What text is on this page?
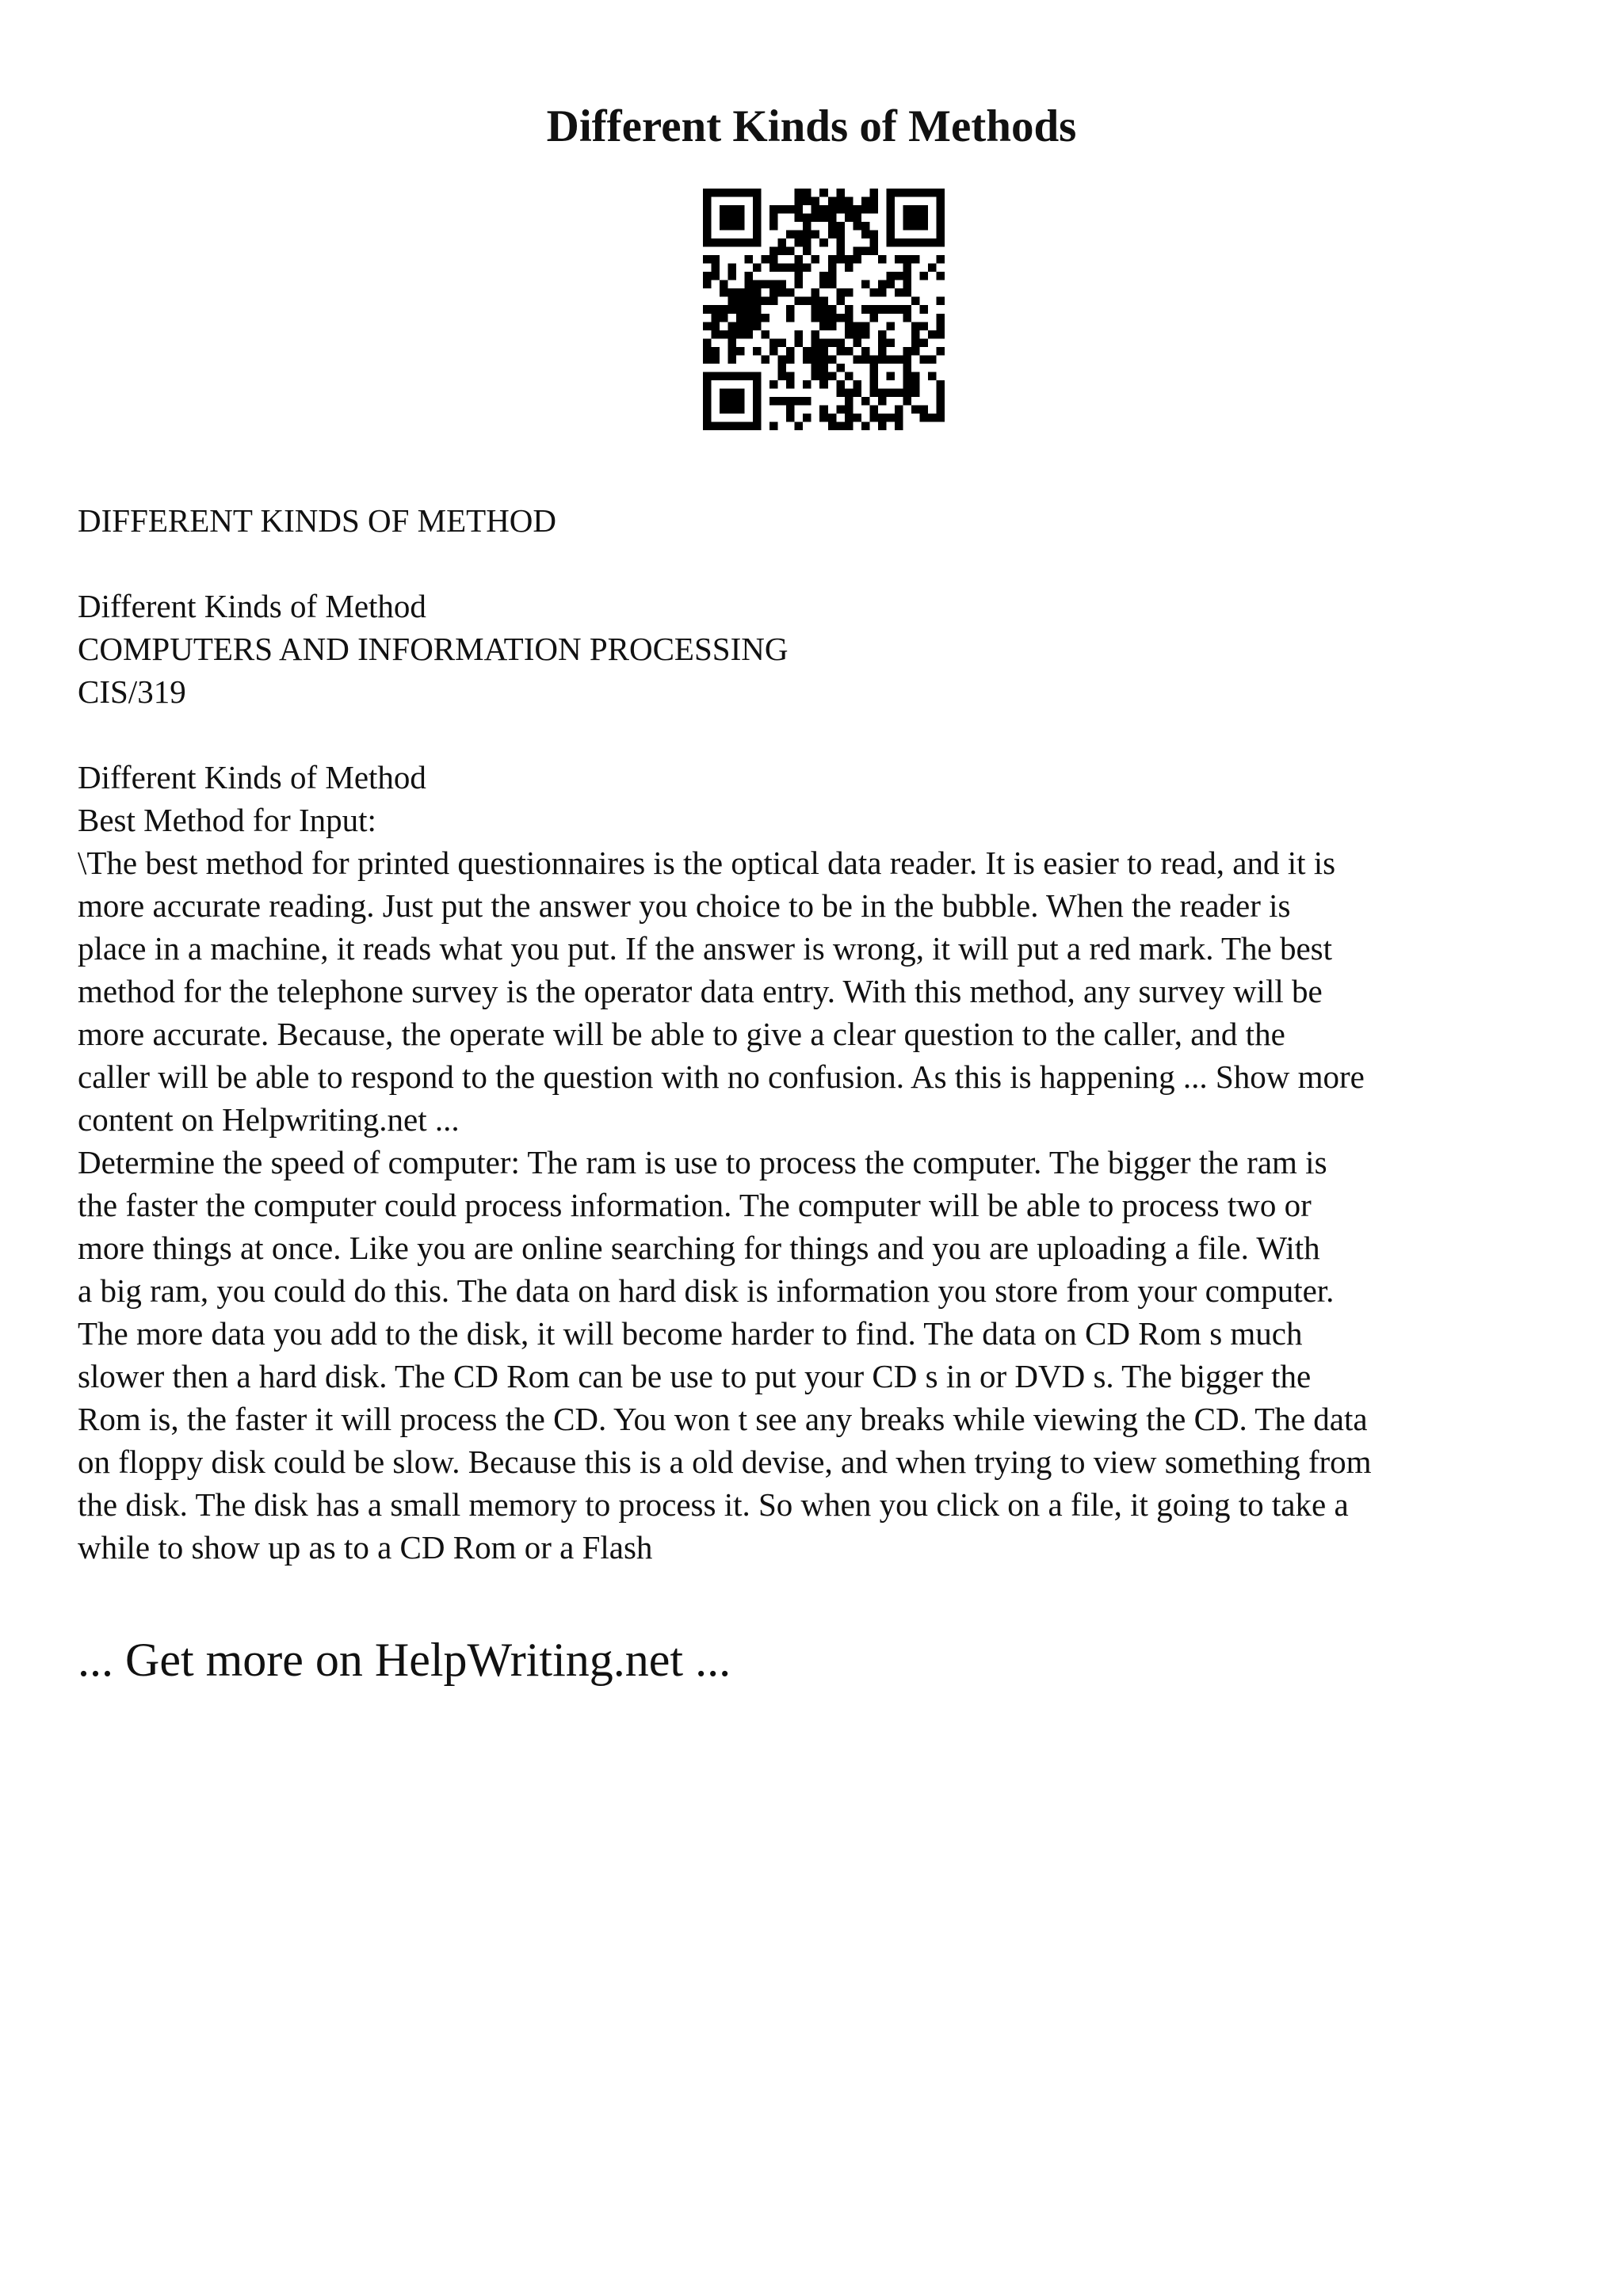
Different Kinds of Methods
DIFFERENT KINDS OF METHOD
Different Kinds of Method
COMPUTERS AND INFORMATION PROCESSING
CIS/319
Different Kinds of Method
Best Method for Input:
\The best method for printed questionnaires is the optical data reader. It is easier to read, and it is
more accurate reading. Just put the answer you choice to be in the bubble. When the reader is
place in a machine, it reads what you put. If the answer is wrong, it will put a red mark. The best
method for the telephone survey is the operator data entry. With this method, any survey will be
more accurate. Because, the operate will be able to give a clear question to the caller, and the
caller will be able to respond to the question with no confusion. As this is happening ... Show more
content on Helpwriting.net ...
Determine the speed of computer: The ram is use to process the computer. The bigger the ram is
the faster the computer could process information. The computer will be able to process two or
more things at once. Like you are online searching for things and you are uploading a file. With
a big ram, you could do this. The data on hard disk is information you store from your computer.
The more data you add to the disk, it will become harder to find. The data on CD Rom s much
slower then a hard disk. The CD Rom can be use to put your CD s in or DVD s. The bigger the
Rom is, the faster it will process the CD. You won t see any breaks while viewing the CD. The data
on floppy disk could be slow. Because this is a old devise, and when trying to view something from
the disk. The disk has a small memory to process it. So when you click on a file, it going to take a
while to show up as to a CD Rom or a Flash
... Get more on HelpWriting.net ...
